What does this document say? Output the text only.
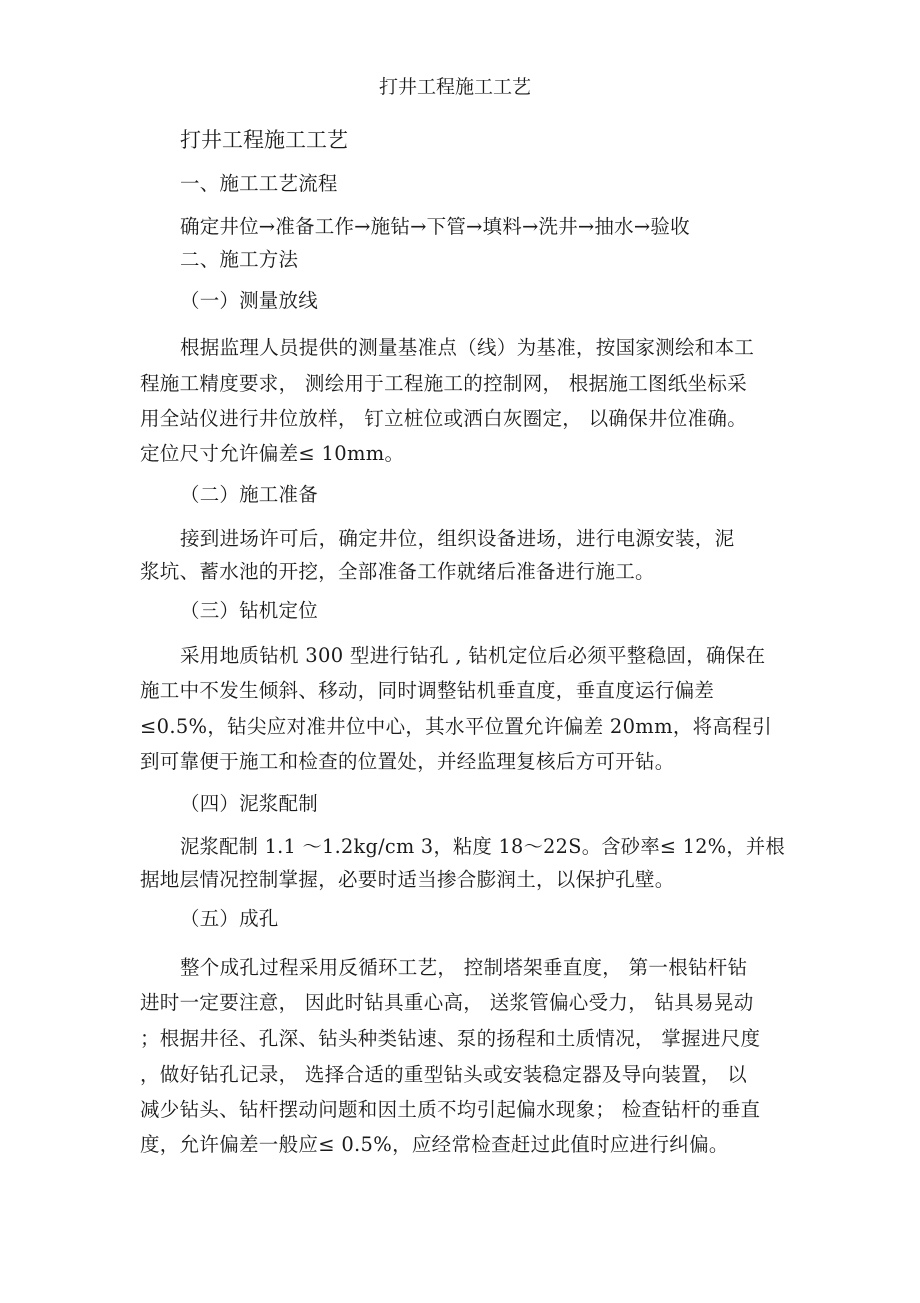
打井工程施工工艺
打井工程施工工艺
一、施工工艺流程
确定井位→准备工作→施钻→下管→填料→洗井→抽水→验收
二、施工方法
（一）测量放线
根据监理人员提供的测量基准点（线）为基准，按国家测绘和本工
程施工精度要求， 测绘用于工程施工的控制网， 根据施工图纸坐标采
用全站仪进行井位放样， 钉立桩位或洒白灰圈定， 以确保井位准确。
定位尺寸允许偏差≤ 10mm。
（二）施工准备
接到进场许可后，确定井位，组织设备进场，进行电源安装，泥
浆坑、蓄水池的开挖，全部准备工作就绪后准备进行施工。
（三）钻机定位
采用地质钻机 300 型进行钻孔 , 钻机定位后必须平整稳固，确保在
施工中不发生倾斜、移动，同时调整钻机垂直度，垂直度运行偏差
≤0.5%，钻尖应对准井位中心，其水平位置允许偏差 20mm，将高程引
到可靠便于施工和检查的位置处，并经监理复核后方可开钻。
（四）泥浆配制
泥浆配制 1.1 ～1.2kg/cm 3，粘度 18～22S。含砂率≤ 12%，并根
据地层情况控制掌握，必要时适当掺合膨润土，以保护孔壁。
（五）成孔
整个成孔过程采用反循环工艺， 控制塔架垂直度， 第一根钻杆钻
进时一定要注意， 因此时钻具重心高， 送浆管偏心受力， 钻具易晃动
；根据井径、孔深、钻头种类钻速、泵的扬程和土质情况， 掌握进尺度
，做好钻孔记录， 选择合适的重型钻头或安装稳定器及导向装置， 以
减少钻头、钻杆摆动问题和因土质不均引起偏水现象； 检查钻杆的垂直
度，允许偏差一般应≤ 0.5%，应经常检查赶过此值时应进行纠偏。
